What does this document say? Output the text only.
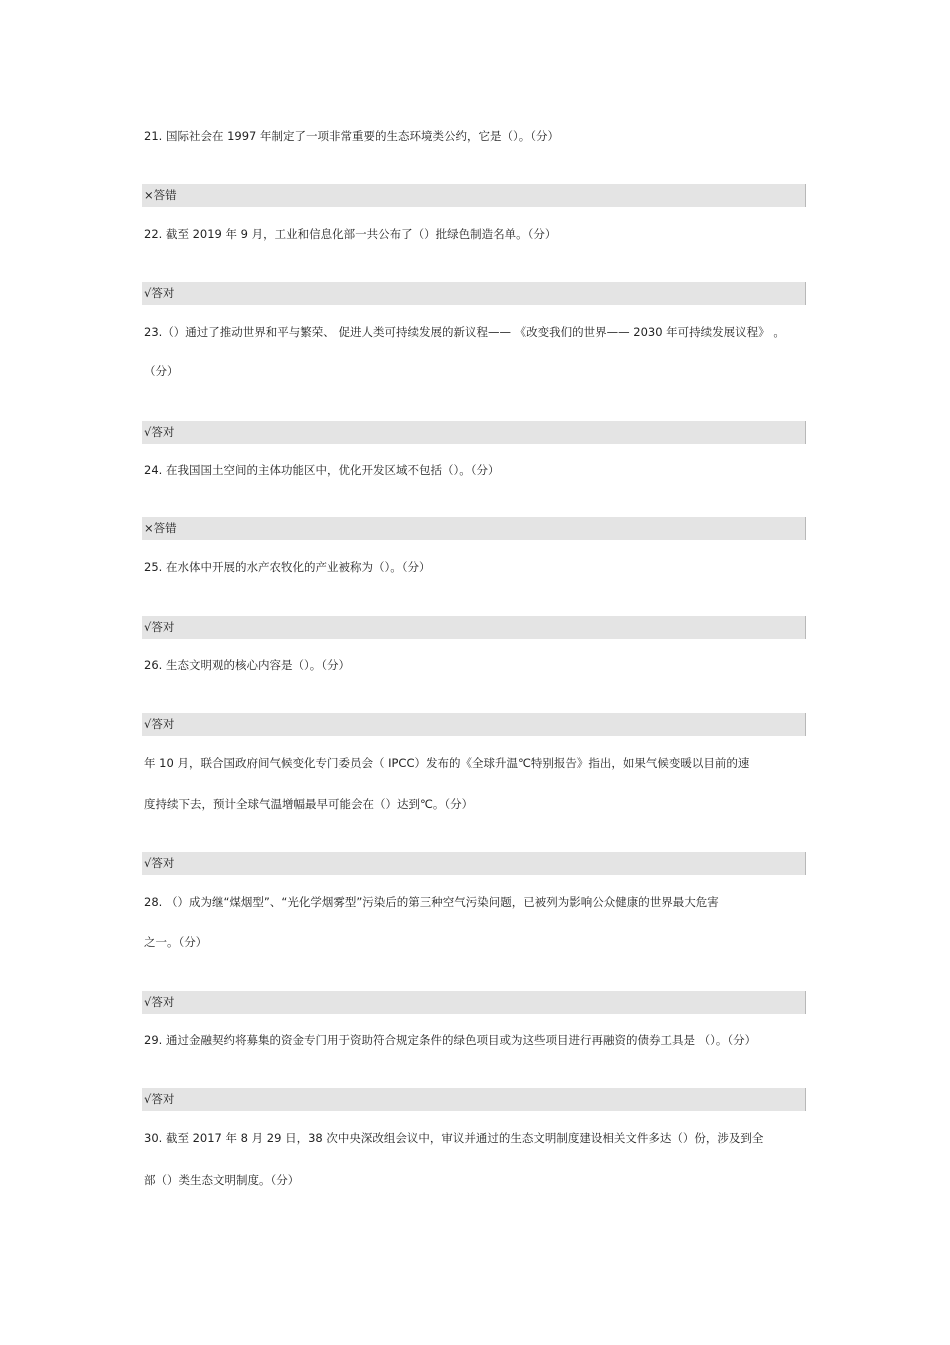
21. 国际社会在 1997 年制定了一项非常重要的生态环境类公约，它是（）。（分）
×答错
22. 截至 2019 年 9 月，工业和信息化部一共公布了（）批绿色制造名单。（分）
√答对
23.（）通过了推动世界和平与繁荣、 促进人类可持续发展的新议程—— 《改变我们的世界—— 2030 年可持续发展议程》 。
（分）
√答对
24. 在我国国土空间的主体功能区中，优化开发区域不包括（）。（分）
×答错
25. 在水体中开展的水产农牧化的产业被称为（）。（分）
√答对
26. 生态文明观的核心内容是（）。（分）
√答对
年 10 月，联合国政府间气候变化专门委员会（ IPCC）发布的《全球升温℃特别报告》指出，如果气候变暖以目前的速
度持续下去，预计全球气温增幅最早可能会在（）达到℃。（分）
√答对
28. （）成为继“煤烟型”、“光化学烟雾型”污染后的第三种空气污染问题，已被列为影响公众健康的世界最大危害
之一。（分）
√答对
29. 通过金融契约将募集的资金专门用于资助符合规定条件的绿色项目或为这些项目进行再融资的债券工具是 （）。（分）
√答对
30. 截至 2017 年 8 月 29 日，38 次中央深改组会议中，审议并通过的生态文明制度建设相关文件多达（）份，涉及到全
部（）类生态文明制度。（分）
